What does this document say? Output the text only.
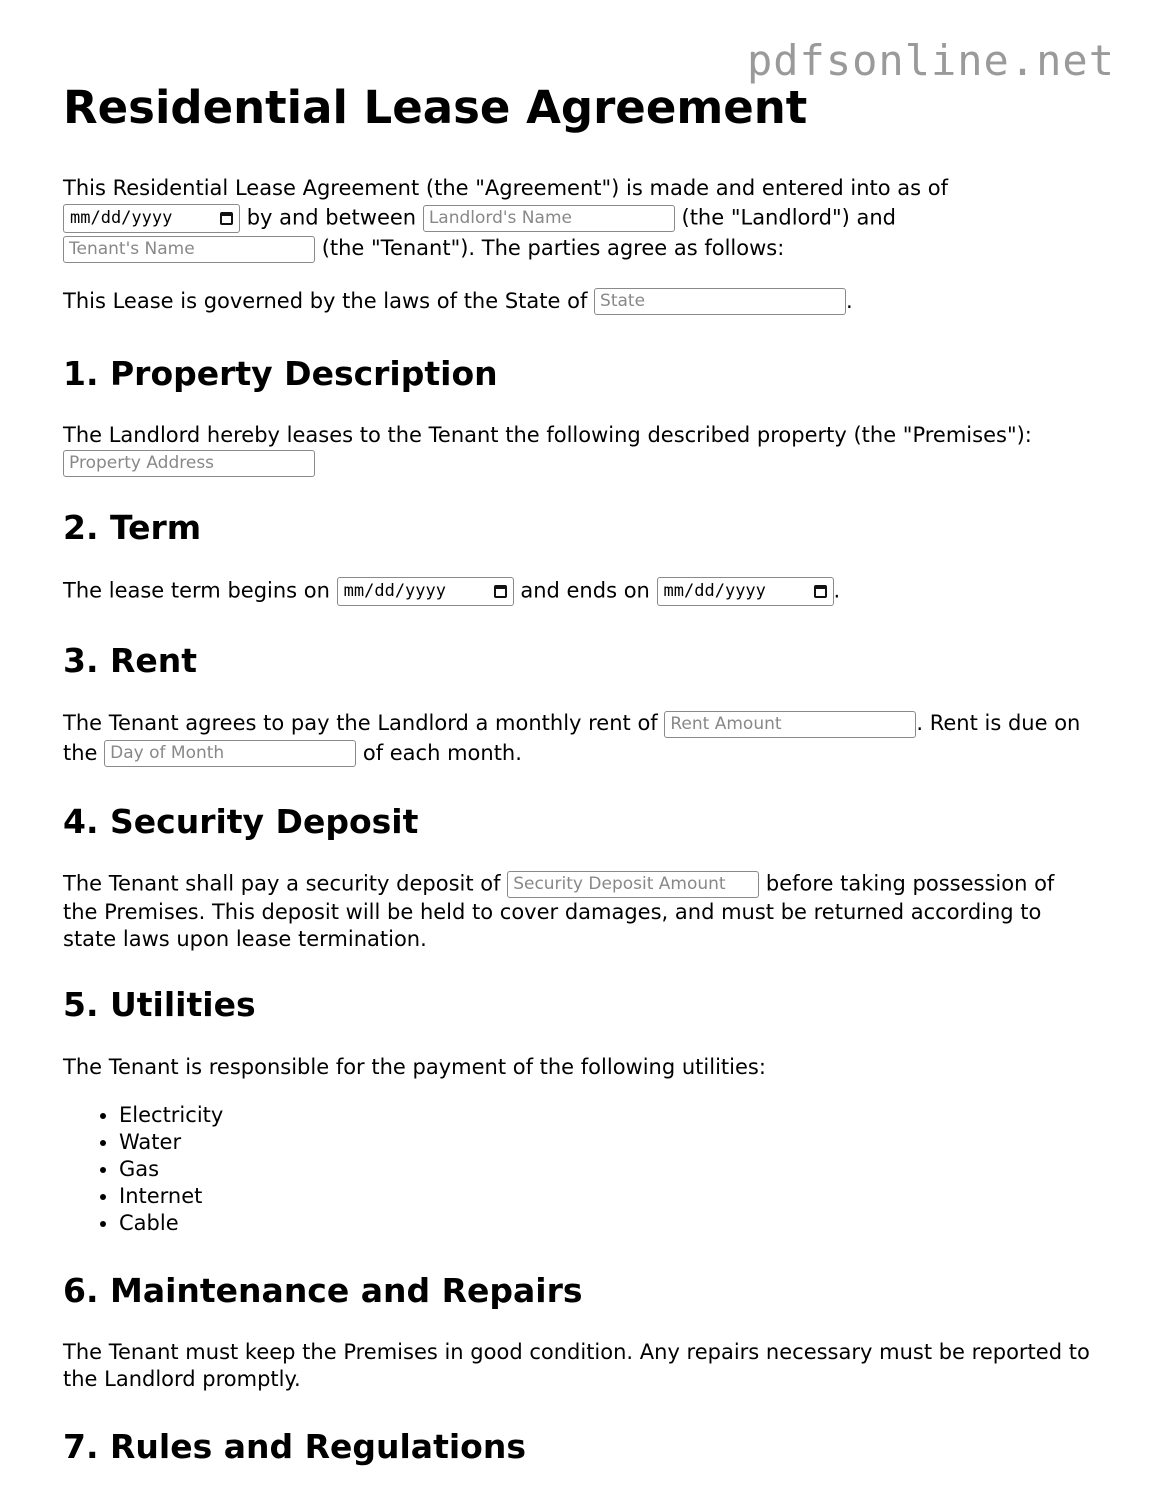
pdfsonline.net
Residential Lease Agreement

This Residential Lease Agreement (the "Agreement") is made and entered into as of

mm/dd/yyyy	by and between Landlord's Name	(the "Landlord") and
Tenant's Name	(the "Tenant"). The parties agree as follows:

This Lease is governed by the laws of the State of State	.

1. Property Description

The Landlord hereby leases to the Tenant the following described property (the "Premises"): Property Address

2. Term

The lease term begins on mm/dd/yyyy	and ends on mm/dd/yyyy	.

3. Rent

The Tenant agrees to pay the Landlord a monthly rent of Rent Amount	. Rent is due on the Day of Month	of each month.

4. Security Deposit

The Tenant shall pay a security deposit of Security Deposit Amount before taking possession of the Premises. This deposit will be held to cover damages, and must be returned according to state laws upon lease termination.

5. Utilities

The Tenant is responsible for the payment of the following utilities:

• Electricity
• Water
• Gas
• Internet
• Cable
6. Maintenance and Repairs

The Tenant must keep the Premises in good condition. Any repairs necessary must be reported to the Landlord promptly.

7. Rules and Regulations
